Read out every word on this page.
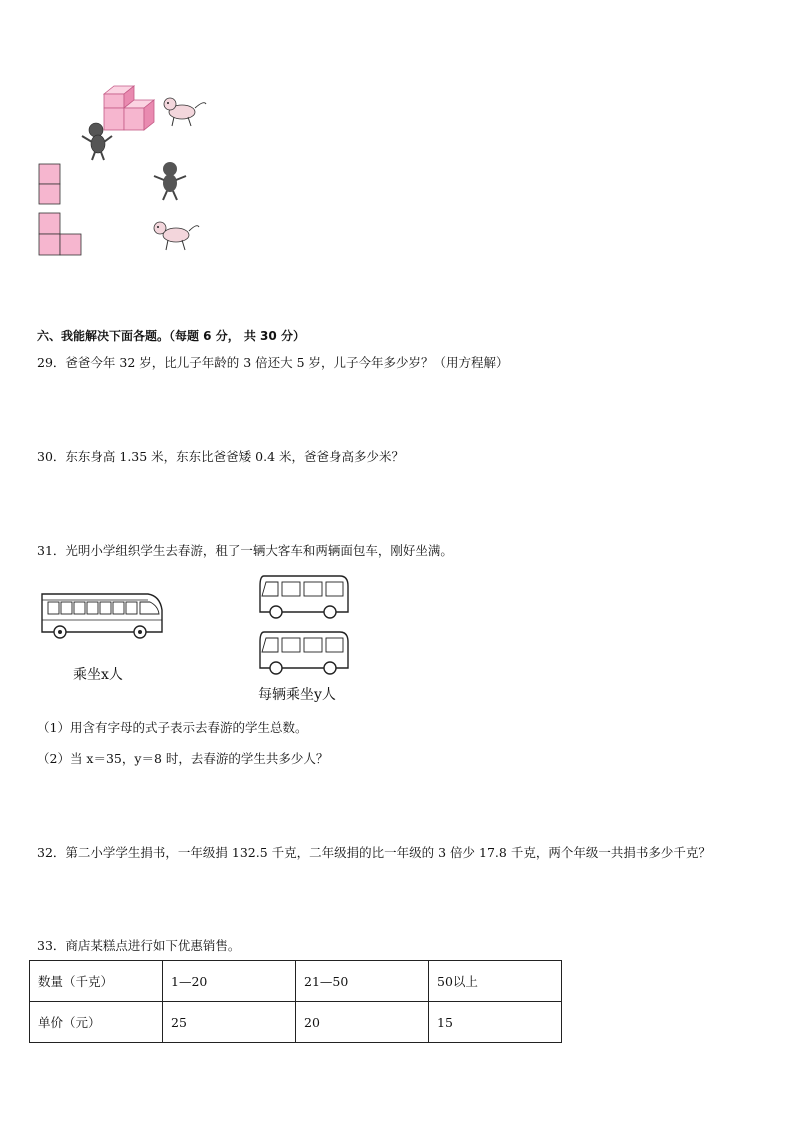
六、我能解决下面各题。（每题 6 分， 共 30 分）
29．爸爸今年 32 岁，比儿子年龄的 3 倍还大 5 岁，儿子今年多少岁？（用方程解）
30．东东身高 1.35 米，东东比爸爸矮 0.4 米，爸爸身高多少米？
31．光明小学组织学生去春游，租了一辆大客车和两辆面包车，刚好坐满。
乘坐x人
每辆乘坐y人
（1）用含有字母的式子表示去春游的学生总数。
（2）当 x＝35，y＝8 时，去春游的学生共多少人？
32．第二小学学生捐书，一年级捐 132.5 千克，二年级捐的比一年级的 3 倍少 17.8 千克，两个年级一共捐书多少千克？
33．商店某糕点进行如下优惠销售。
数量（千克）	1—20	21—50	50以上
单价（元）	25	20	15
